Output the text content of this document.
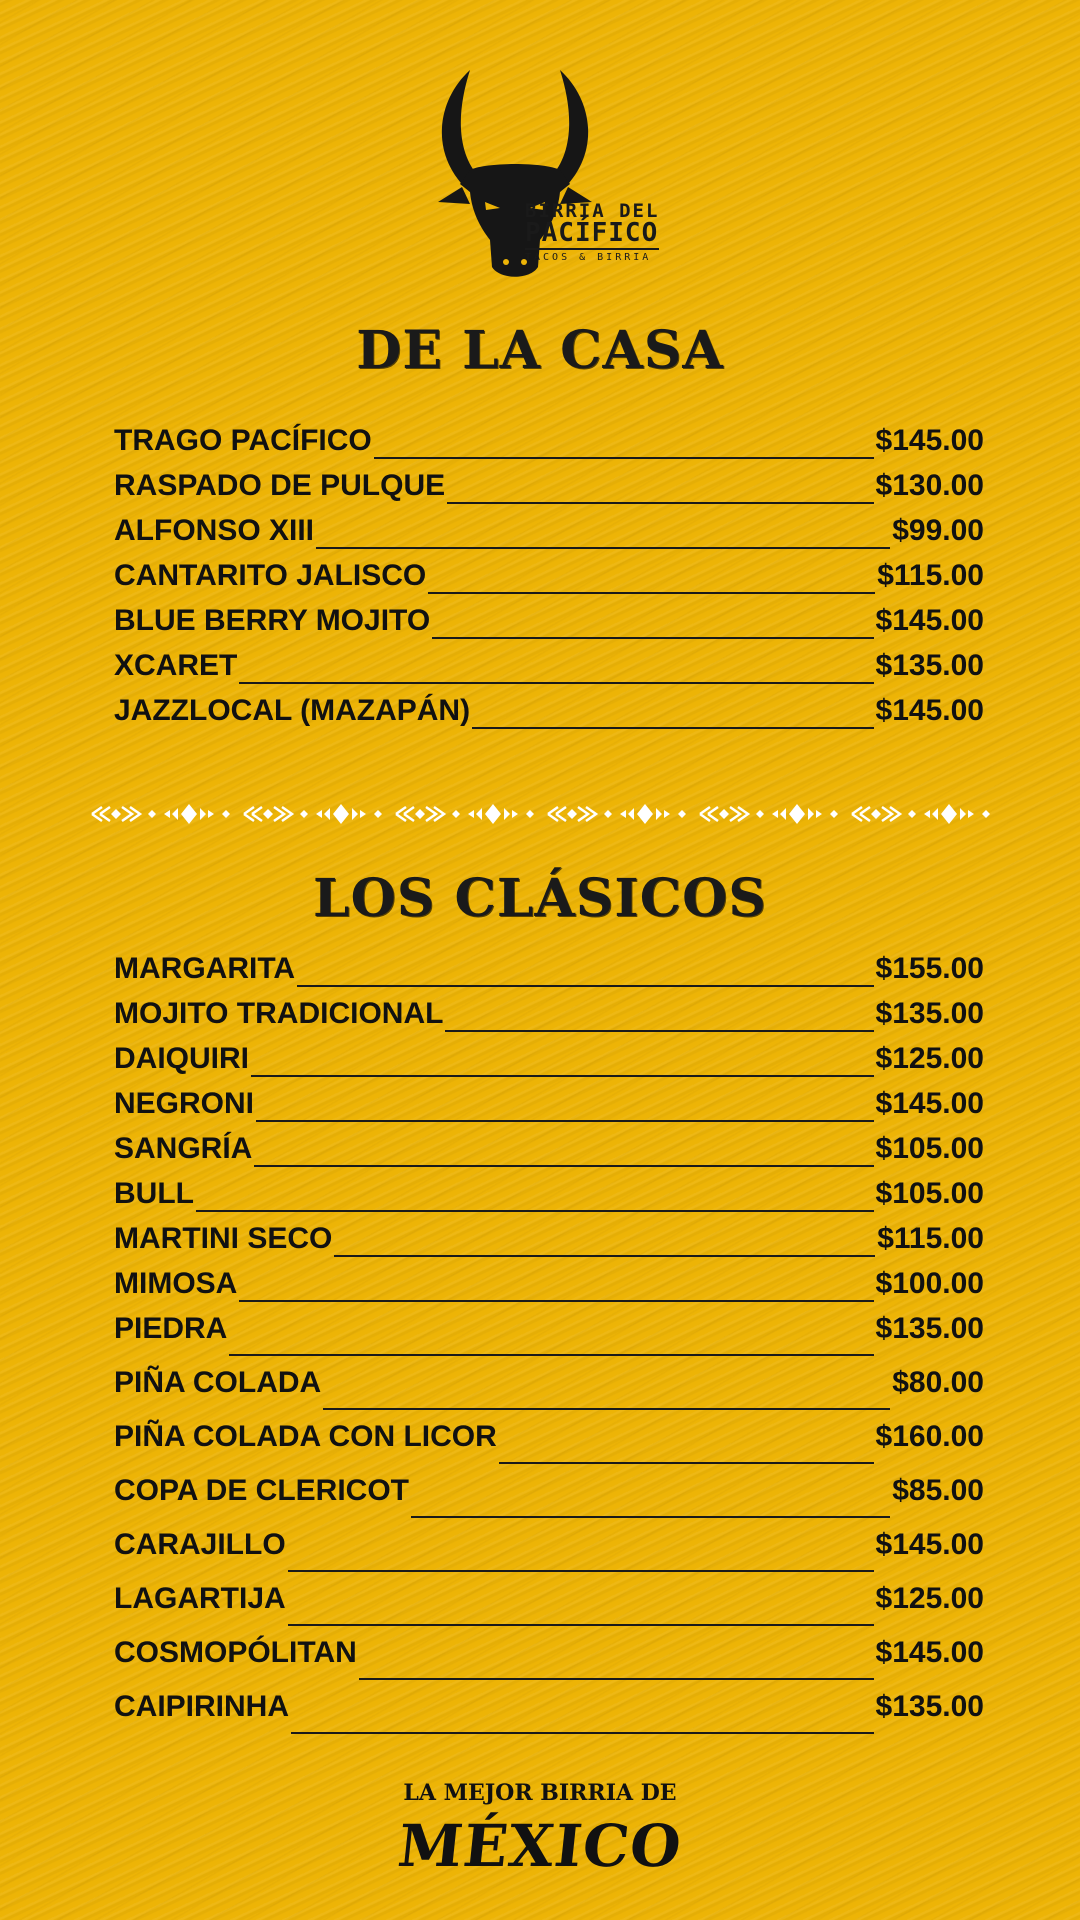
BIRRIA DEL
PACÍFICO
TACOS & BIRRIA
DE LA CASA
TRAGO PACÍFICO	$145.00
RASPADO DE PULQUE	$130.00
ALFONSO XIII	$99.00
CANTARITO JALISCO	$115.00
BLUE BERRY MOJITO	$145.00
XCARET	$135.00
JAZZLOCAL (MAZAPÁN)	$145.00
LOS CLÁSICOS
MARGARITA	$155.00
MOJITO TRADICIONAL	$135.00
DAIQUIRI	$125.00
NEGRONI	$145.00
SANGRÍA	$105.00
BULL	$105.00
MARTINI SECO	$115.00
MIMOSA	$100.00
PIEDRA	$135.00
PIÑA COLADA	$80.00
PIÑA COLADA CON LICOR	$160.00
COPA DE CLERICOT	$85.00
CARAJILLO	$145.00
LAGARTIJA	$125.00
COSMOPÓLITAN	$145.00
CAIPIRINHA	$135.00
LA MEJOR BIRRIA DE
MÉXICO
